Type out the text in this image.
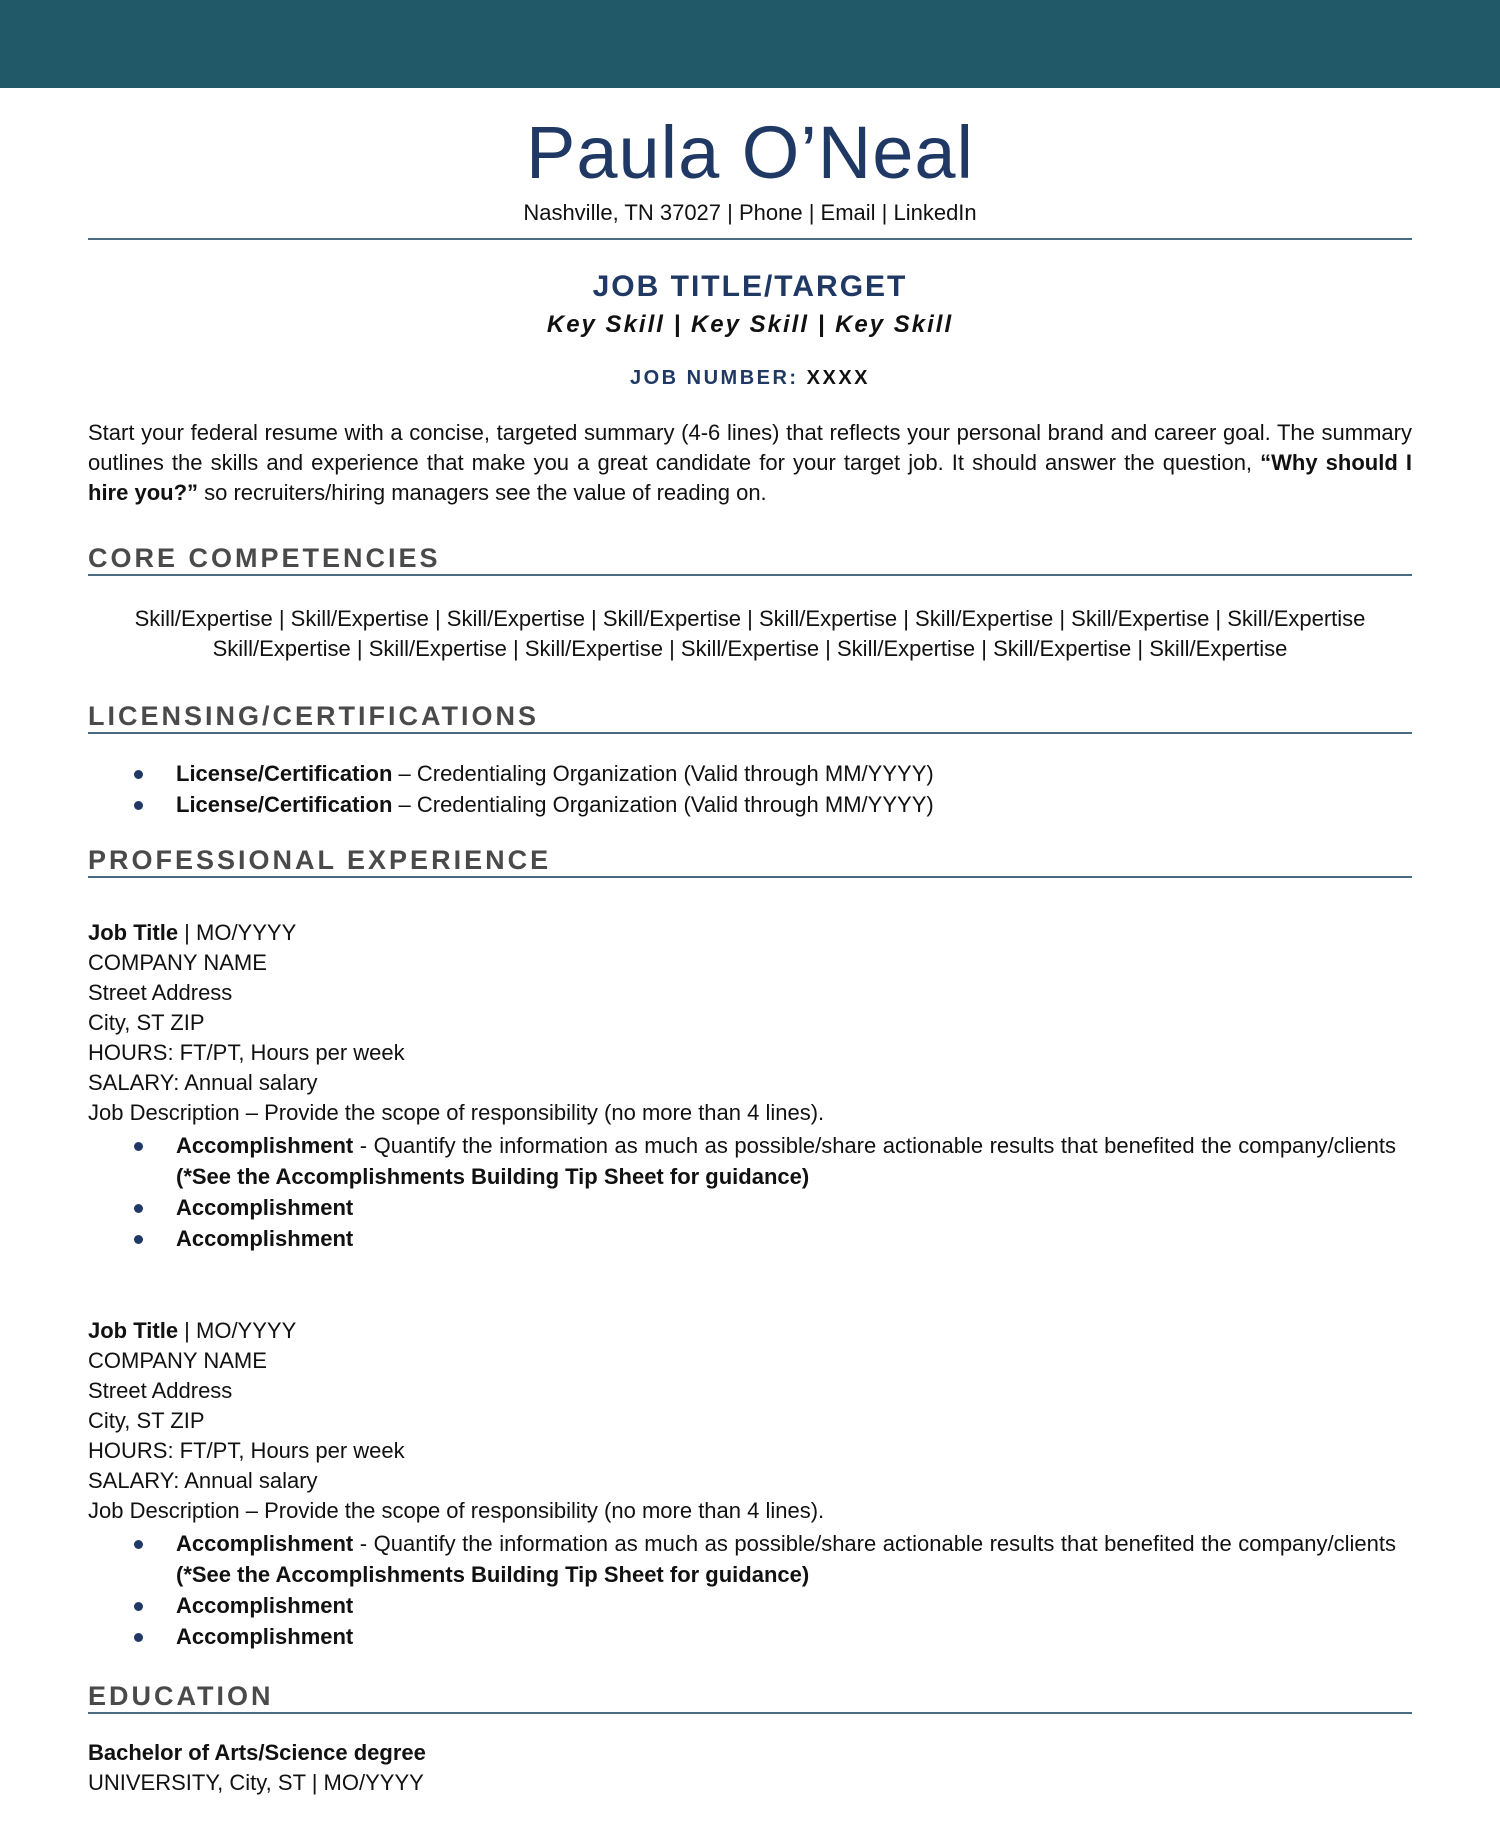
Paula O’Neal
Nashville, TN 37027 | Phone | Email | LinkedIn
JOB TITLE/TARGET
Key Skill | Key Skill | Key Skill
JOB NUMBER: XXXX
Start your federal resume with a concise, targeted summary (4-6 lines) that reflects your personal brand and career goal. The summary outlines the skills and experience that make you a great candidate for your target job. It should answer the question, “Why should I hire you?” so recruiters/hiring managers see the value of reading on.
CORE COMPETENCIES
Skill/Expertise | Skill/Expertise | Skill/Expertise | Skill/Expertise | Skill/Expertise | Skill/Expertise | Skill/Expertise | Skill/Expertise
Skill/Expertise | Skill/Expertise | Skill/Expertise | Skill/Expertise | Skill/Expertise | Skill/Expertise | Skill/Expertise
LICENSING/CERTIFICATIONS
License/Certification – Credentialing Organization (Valid through MM/YYYY)
License/Certification – Credentialing Organization (Valid through MM/YYYY)
PROFESSIONAL EXPERIENCE
Job Title | MO/YYYY
COMPANY NAME
Street Address
City, ST ZIP
HOURS: FT/PT, Hours per week
SALARY: Annual salary
Job Description – Provide the scope of responsibility (no more than 4 lines).
Accomplishment - Quantify the information as much as possible/share actionable results that benefited the company/clients (*See the Accomplishments Building Tip Sheet for guidance)
Accomplishment
Accomplishment
Job Title | MO/YYYY
COMPANY NAME
Street Address
City, ST ZIP
HOURS: FT/PT, Hours per week
SALARY: Annual salary
Job Description – Provide the scope of responsibility (no more than 4 lines).
Accomplishment - Quantify the information as much as possible/share actionable results that benefited the company/clients (*See the Accomplishments Building Tip Sheet for guidance)
Accomplishment
Accomplishment
EDUCATION
Bachelor of Arts/Science degree
UNIVERSITY, City, ST | MO/YYYY
